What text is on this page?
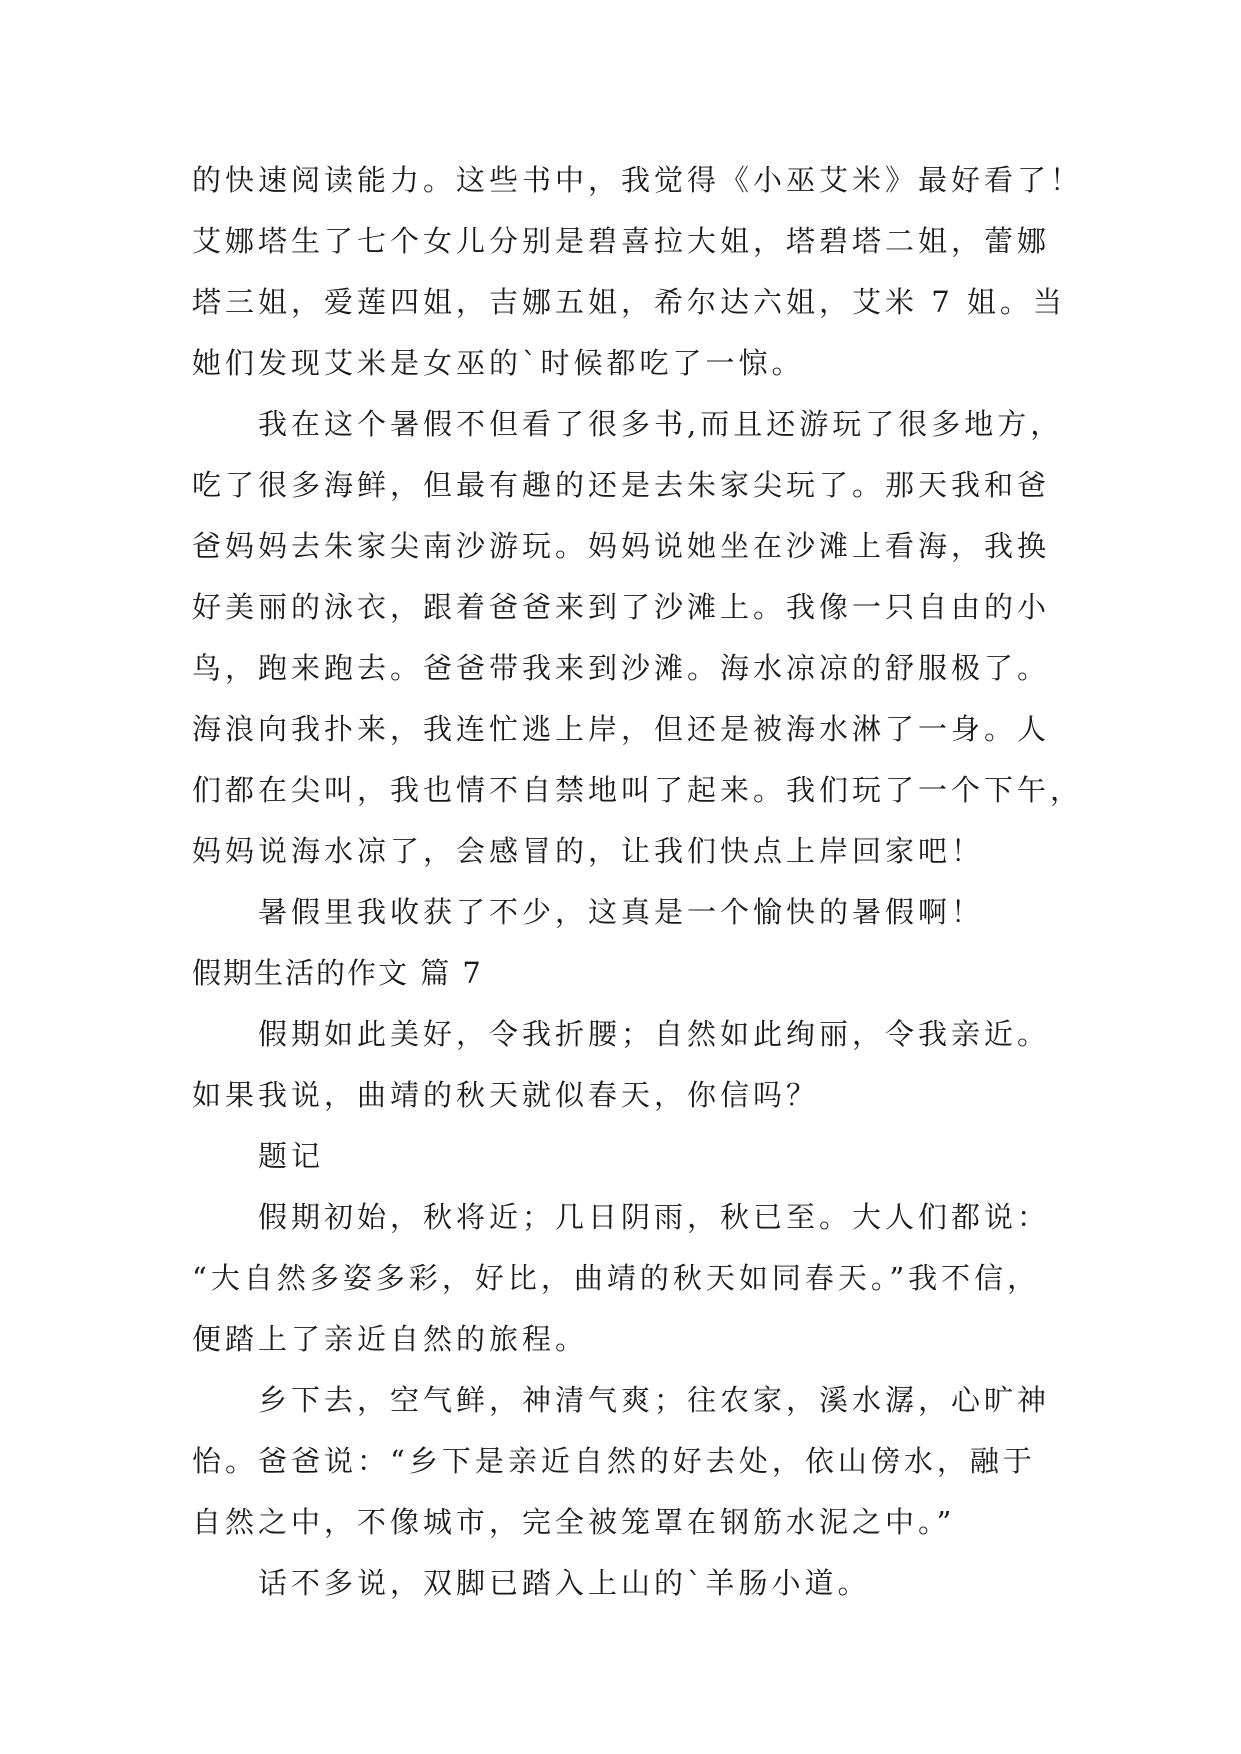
的快速阅读能力。这些书中，我觉得《小巫艾米》最好看了！
艾娜塔生了七个女儿分别是碧喜拉大姐，塔碧塔二姐，蕾娜
塔三姐，爱莲四姐，吉娜五姐，希尔达六姐，艾米 7 姐。当
她们发现艾米是女巫的`时候都吃了一惊。
我在这个暑假不但看了很多书,而且还游玩了很多地方，
吃了很多海鲜，但最有趣的还是去朱家尖玩了。那天我和爸
爸妈妈去朱家尖南沙游玩。妈妈说她坐在沙滩上看海，我换
好美丽的泳衣，跟着爸爸来到了沙滩上。我像一只自由的小
鸟，跑来跑去。爸爸带我来到沙滩。海水凉凉的舒服极了。
海浪向我扑来，我连忙逃上岸，但还是被海水淋了一身。人
们都在尖叫，我也情不自禁地叫了起来。我们玩了一个下午，
妈妈说海水凉了，会感冒的，让我们快点上岸回家吧！
暑假里我收获了不少，这真是一个愉快的暑假啊！
假期生活的作文 篇 7
假期如此美好，令我折腰；自然如此绚丽，令我亲近。
如果我说，曲靖的秋天就似春天，你信吗？
题记
假期初始，秋将近；几日阴雨，秋已至。大人们都说：
“大自然多姿多彩，好比，曲靖的秋天如同春天。”我不信，
便踏上了亲近自然的旅程。
乡下去，空气鲜，神清气爽；往农家，溪水潺，心旷神
怡。爸爸说：“乡下是亲近自然的好去处，依山傍水，融于
自然之中，不像城市，完全被笼罩在钢筋水泥之中。”
话不多说，双脚已踏入上山的`羊肠小道。
